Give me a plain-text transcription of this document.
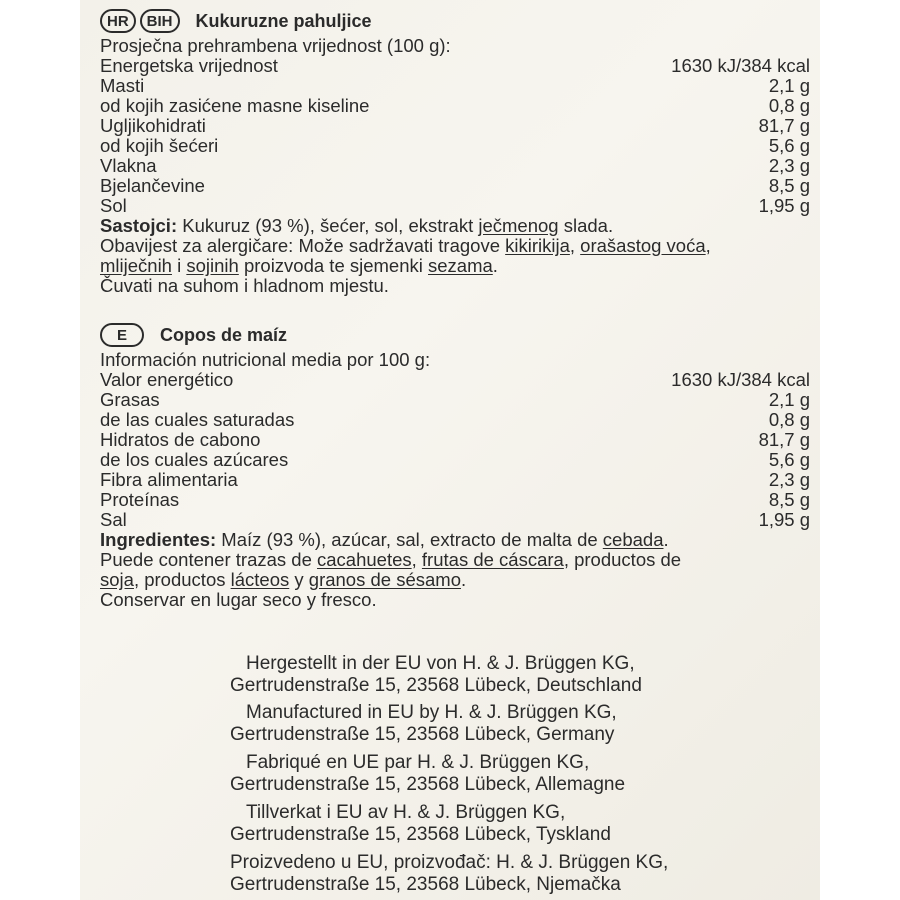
HR	BIH	Kukuruzne pahuljice
Prosječna prehrambena vrijednost (100 g):
Energetska vrijednost	1630 kJ/384 kcal
Masti	2,1 g
od kojih zasićene masne kiseline	0,8 g
Ugljikohidrati	81,7 g
od kojih šećeri	5,6 g
Vlakna	2,3 g
Bjelančevine	8,5 g
Sol	1,95 g
Sastojci: Kukuruz (93 %), šećer, sol, ekstrakt ječmenog slada.
Obavijest za alergičare: Može sadržavati tragove kikirikija, orašastog voća,
mliječnih i sojinih proizvoda te sjemenki sezama.
Čuvati na suhom i hladnom mjestu.
E	Copos de maíz
Información nutricional media por 100 g:
Valor energético	1630 kJ/384 kcal
Grasas	2,1 g
de las cuales saturadas	0,8 g
Hidratos de cabono	81,7 g
de los cuales azúcares	5,6 g
Fibra alimentaria	2,3 g
Proteínas	8,5 g
Sal	1,95 g
Ingredientes: Maíz (93 %), azúcar, sal, extracto de malta de cebada.
Puede contener trazas de cacahuetes, frutas de cáscara, productos de
soja, productos lácteos y granos de sésamo.
Conservar en lugar seco y fresco.
Hergestellt in der EU von H. & J. Brüggen KG,
Gertrudenstraße 15, 23568 Lübeck, Deutschland
Manufactured in EU by H. & J. Brüggen KG,
Gertrudenstraße 15, 23568 Lübeck, Germany
Fabriqué en UE par H. & J. Brüggen KG,
Gertrudenstraße 15, 23568 Lübeck, Allemagne
Tillverkat i EU av H. & J. Brüggen KG,
Gertrudenstraße 15, 23568 Lübeck, Tyskland
Proizvedeno u EU, proizvođač: H. & J. Brüggen KG,
Gertrudenstraße 15, 23568 Lübeck, Njemačka
